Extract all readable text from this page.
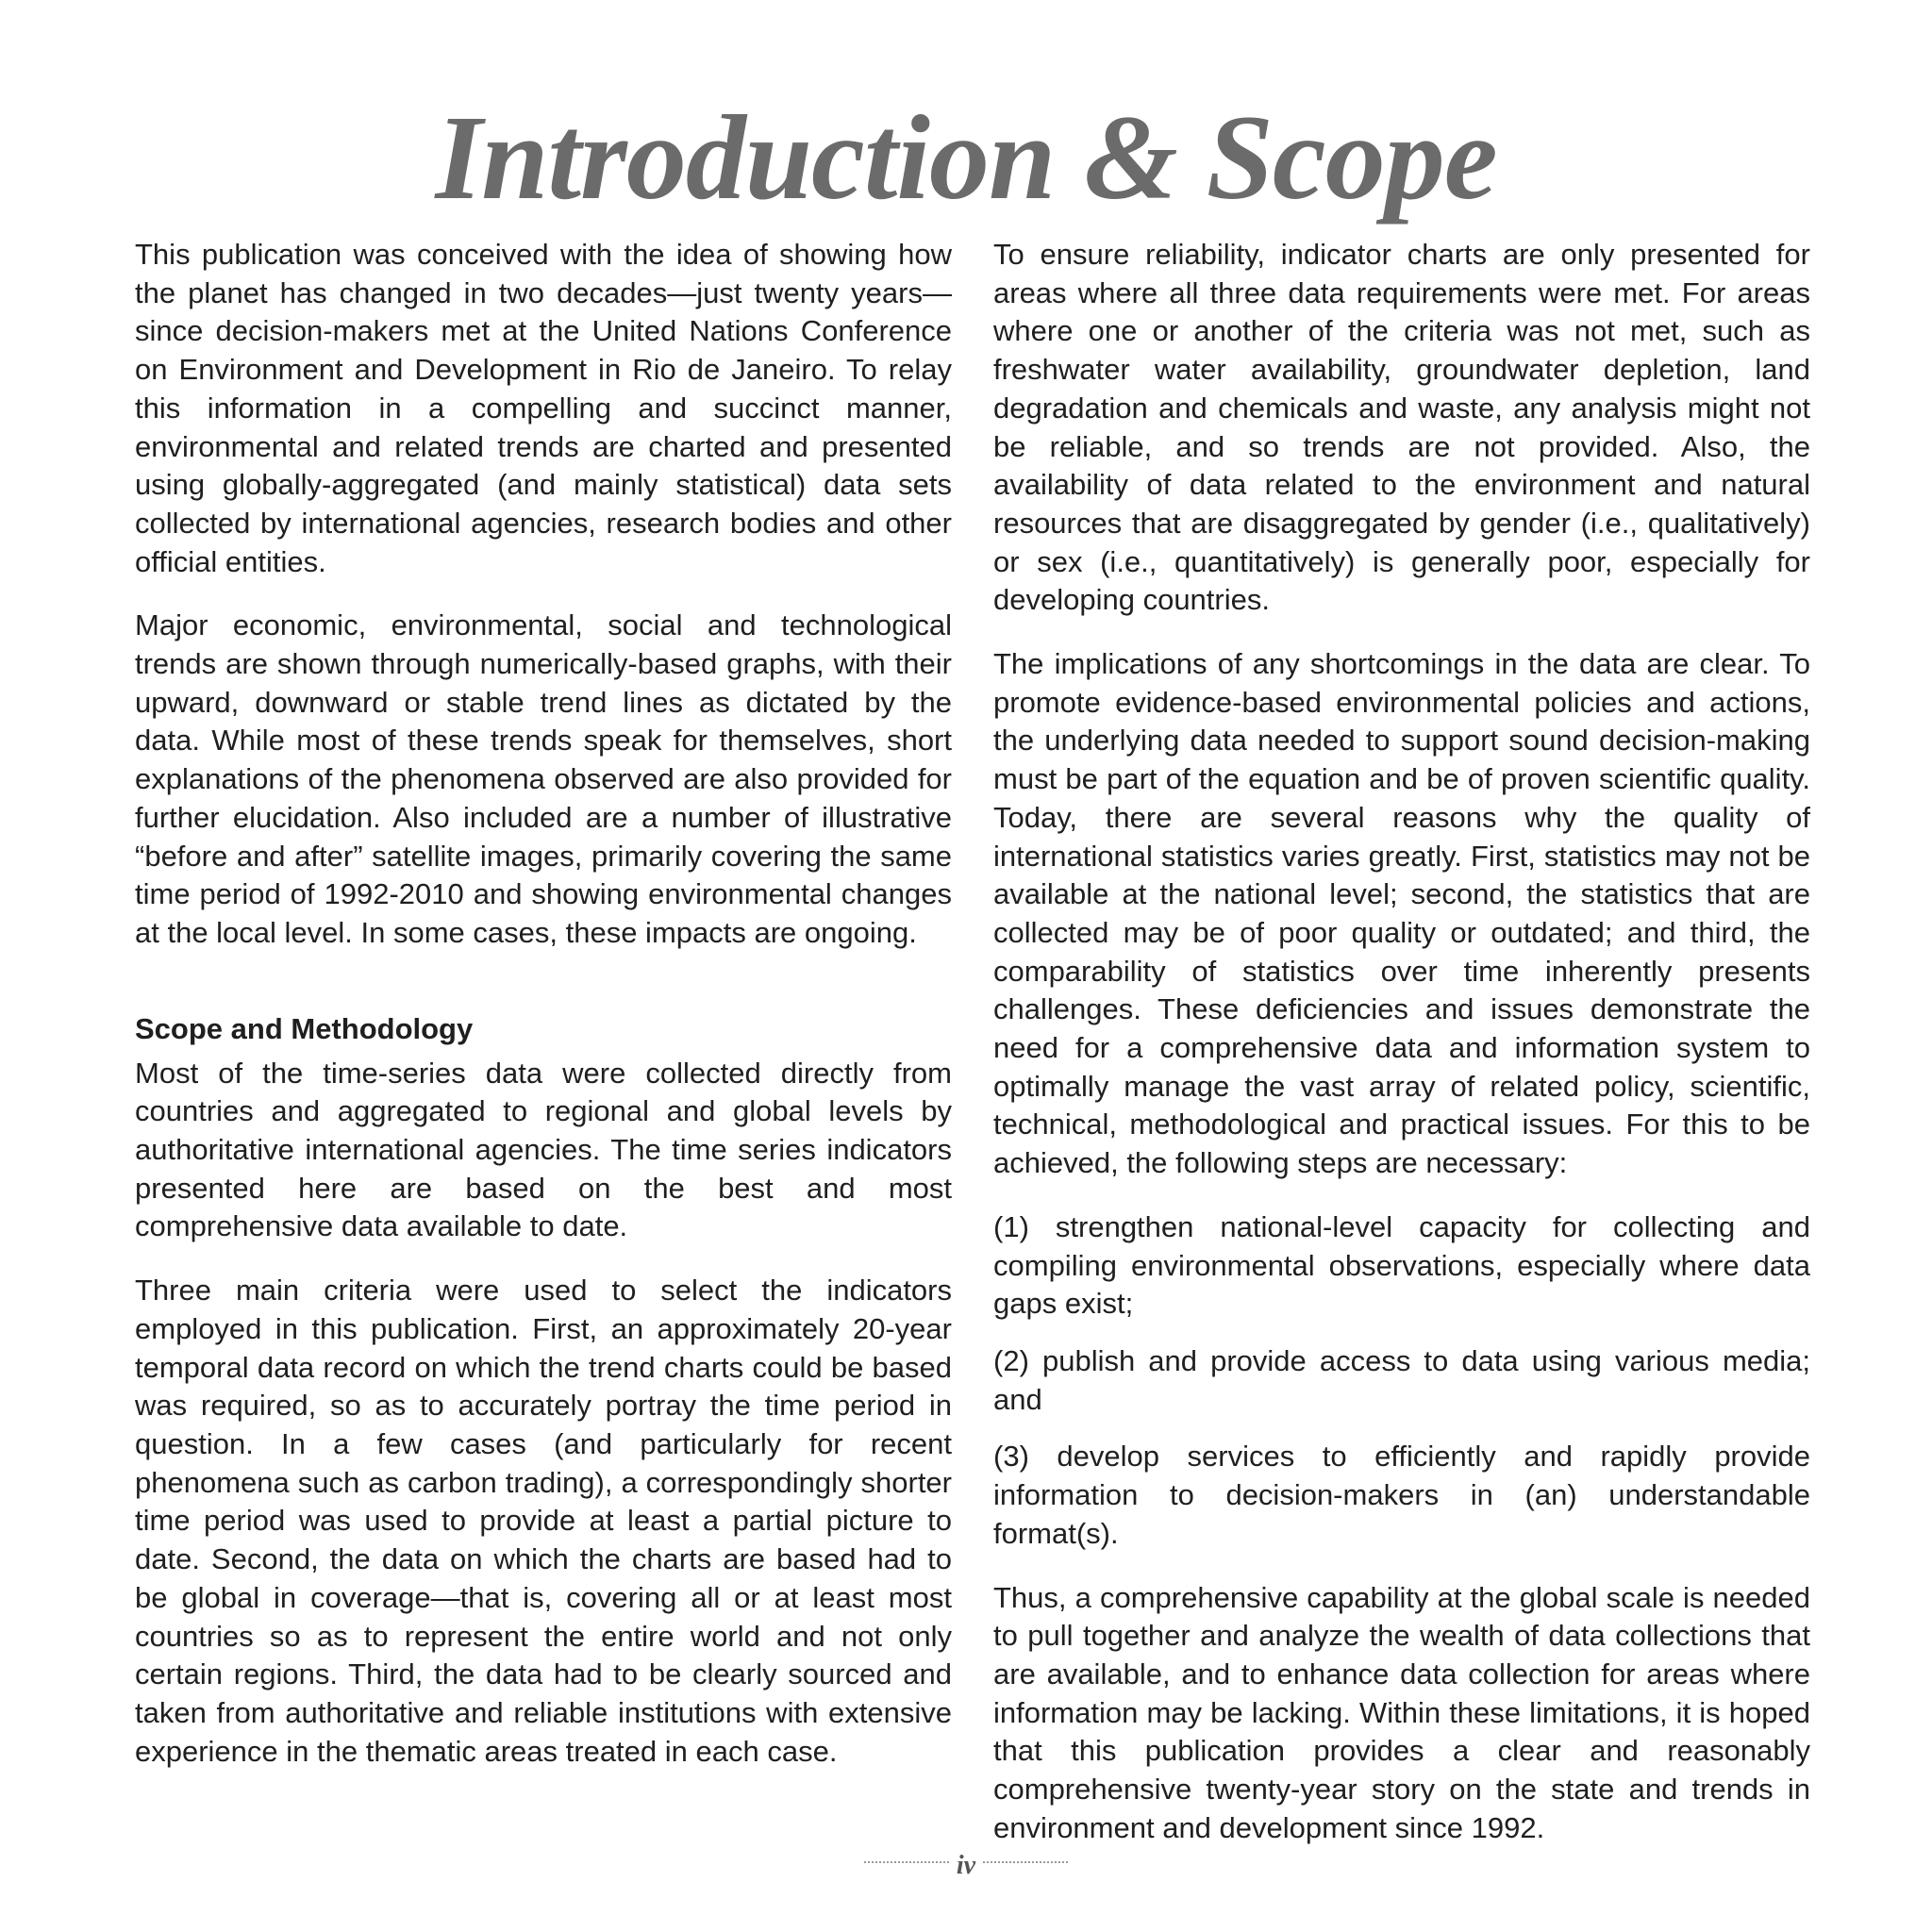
Introduction & Scope

This publication was conceived with the idea of showing how the planet has changed in two decades—just twenty years—since decision-makers met at the United Nations Conference on Environment and Development in Rio de Janeiro. To relay this information in a compelling and succinct manner, environmental and related trends are charted and presented using globally-aggregated (and mainly statistical) data sets collected by international agencies, research bodies and other official entities.

Major economic, environmental, social and technological trends are shown through numerically-based graphs, with their upward, downward or stable trend lines as dictated by the data. While most of these trends speak for themselves, short explanations of the phenomena observed are also provided for further elucidation. Also included are a number of illustrative “before and after” satellite images, primarily covering the same time period of 1992-2010 and showing environmental changes at the local level. In some cases, these impacts are ongoing.

Scope and Methodology

Most of the time-series data were collected directly from countries and aggregated to regional and global levels by authoritative international agencies. The time series indicators presented here are based on the best and most comprehensive data available to date.

Three main criteria were used to select the indicators employed in this publication. First, an approximately 20-year temporal data record on which the trend charts could be based was required, so as to accurately portray the time period in question. In a few cases (and particularly for recent phenomena such as carbon trading), a correspondingly shorter time period was used to provide at least a partial picture to date. Second, the data on which the charts are based had to be global in coverage—that is, covering all or at least most countries so as to represent the entire world and not only certain regions. Third, the data had to be clearly sourced and taken from authoritative and reliable institutions with extensive experience in the thematic areas treated in each case.

To ensure reliability, indicator charts are only presented for areas where all three data requirements were met. For areas where one or another of the criteria was not met, such as freshwater water availability, groundwater depletion, land degradation and chemicals and waste, any analysis might not be reliable, and so trends are not provided. Also, the availability of data related to the environment and natural resources that are disaggregated by gender (i.e., qualitatively) or sex (i.e., quantitatively) is generally poor, especially for developing countries.

The implications of any shortcomings in the data are clear. To promote evidence-based environmental policies and actions, the underlying data needed to support sound decision-making must be part of the equation and be of proven scientific quality. Today, there are several reasons why the quality of international statistics varies greatly. First, statistics may not be available at the national level; second, the statistics that are collected may be of poor quality or outdated; and third, the comparability of statistics over time inherently presents challenges. These deficiencies and issues demonstrate the need for a comprehensive data and information system to optimally manage the vast array of related policy, scientific, technical, methodological and practical issues. For this to be achieved, the following steps are necessary:

(1) strengthen national-level capacity for collecting and compiling environmental observations, especially where data gaps exist;

(2) publish and provide access to data using various media; and

(3) develop services to efficiently and rapidly provide information to decision-makers in (an) understandable format(s).

Thus, a comprehensive capability at the global scale is needed to pull together and analyze the wealth of data collections that are available, and to enhance data collection for areas where information may be lacking. Within these limitations, it is hoped that this publication provides a clear and reasonably comprehensive twenty-year story on the state and trends in environment and development since 1992.

iv
